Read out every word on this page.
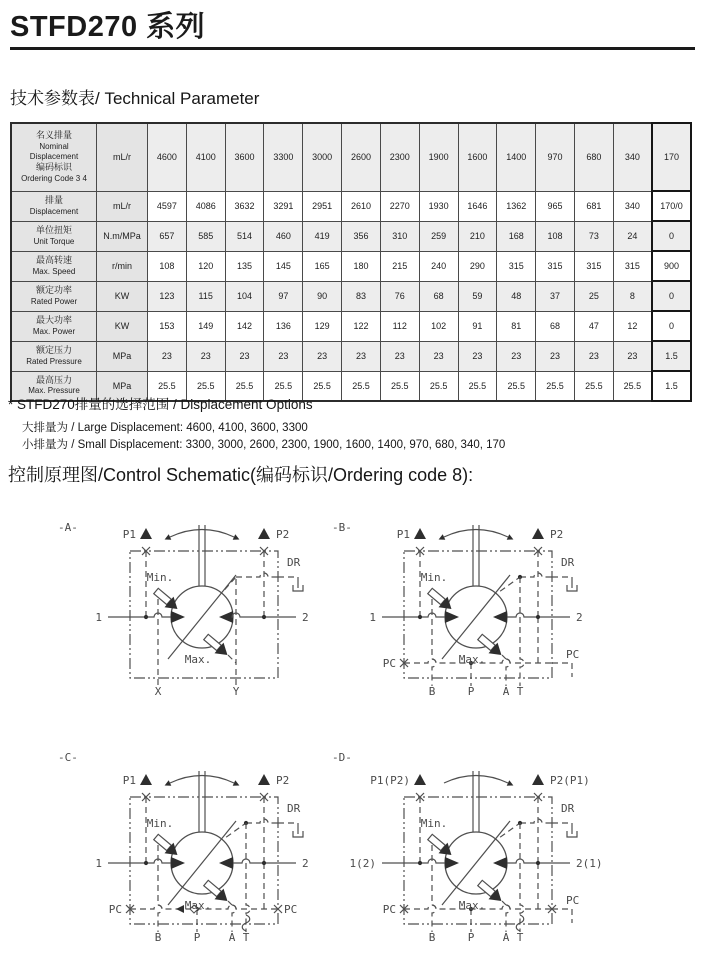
STFD270 系列
技术参数表/ Technical Parameter
名义排量
Nominal
Displacement
编码标识
Ordering Code 3 4	mL/r	4600	4100	3600	3300	3000	2600	2300	1900	1600	1400	970	680	340	170

排量
Displacement	mL/r	4597	4086	3632	3291	2951	2610	2270	1930	1646	1362	965	681	340	170/0

单位扭矩
Unit Torque	N.m/MPa	657	585	514	460	419	356	310	259	210	168	108	73	24	0

最高转速
Max. Speed	r/min	108	120	135	145	165	180	215	240	290	315	315	315	315	900

额定功率
Rated Power	KW	123	115	104	97	90	83	76	68	59	48	37	25	8	0

最大功率
Max. Power	KW	153	149	142	136	129	122	112	102	91	81	68	47	12	0

额定压力
Rated Pressure	MPa	23	23	23	23	23	23	23	23	23	23	23	23	23	1.5

最高压力
Max. Pressure	MPa	25.5	25.5	25.5	25.5	25.5	25.5	25.5	25.5	25.5	25.5	25.5	25.5	25.5	1.5
* STFD270排量的选择范围 / Displacement Options
大排量为 / Large Displacement: 4600, 4100, 3600, 3300
小排量为 / Small Displacement: 3300, 3000, 2600, 2300, 1900, 1600, 1400, 970, 680, 340, 170
控制原理图/Control Schematic(编码标识/Ordering code 8):
-A-
P1	P2
DR
1	2
Min.
Max.
X	Y
-B-
P1	P2
DR
PC
PC
1	2
Min.
Max.
B	P	A T
-C-
P1	P2
DR
PC	PC
1	2
Min.
Max.
B	P	A T
-D-
P1(P2)	P2(P1)
DR
PC
PC
1(2)	2(1)
Min.
Max.
B	P	A T
